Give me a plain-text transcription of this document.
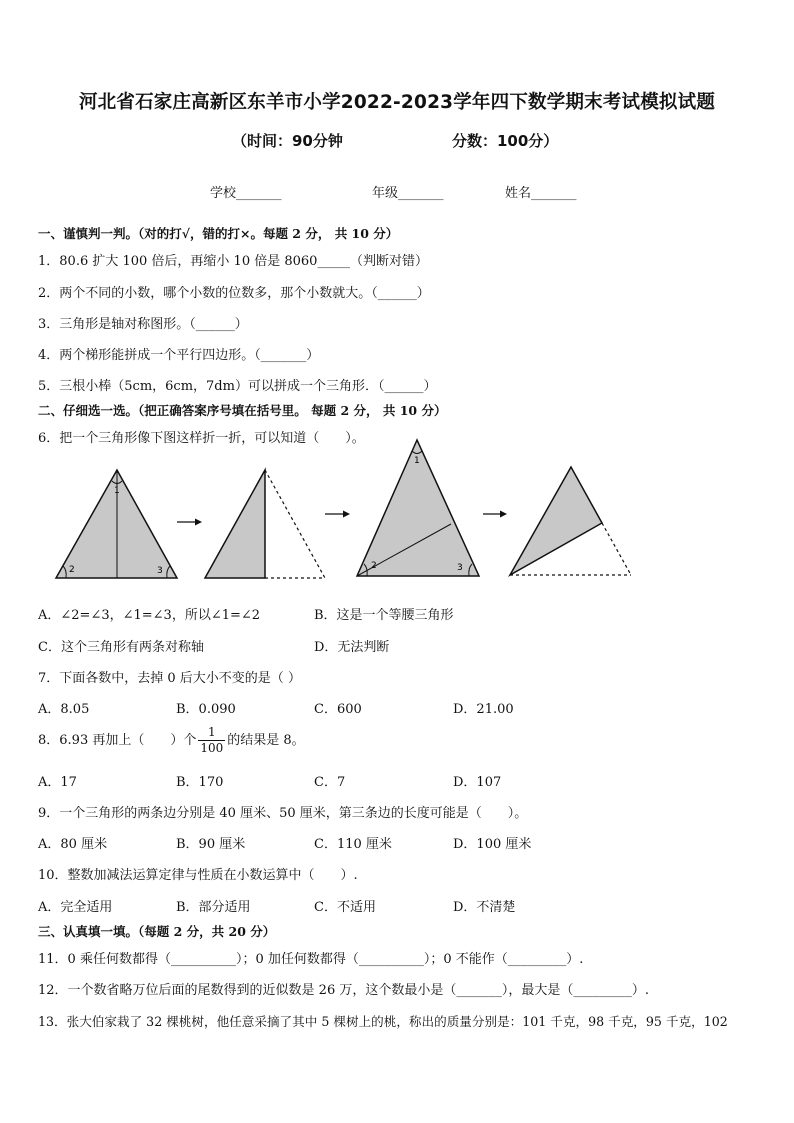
河北省石家庄高新区东羊市小学2022-2023学年四下数学期末考试模拟试题
（时间：90分钟	分数：100分）
学校_______	年级_______	姓名_______
一、谨慎判一判。（对的打√，错的打×。每题 2 分， 共 10 分）
1．80.6 扩大 100 倍后，再缩小 10 倍是 8060_____（判断对错）
2．两个不同的小数，哪个小数的位数多，那个小数就大。（______）
3．三角形是轴对称图形。（______）
4．两个梯形能拼成一个平行四边形。（_______）
5．三根小棒（5cm，6cm，7dm）可以拼成一个三角形．（______）
二、仔细选一选。（把正确答案序号填在括号里。 每题 2 分， 共 10 分）
6．把一个三角形像下图这样折一折，可以知道（　　）。
1
2	3
1
2	3
A．∠2=∠3，∠1=∠3，所以∠1=∠2	B．这是一个等腰三角形
C．这个三角形有两条对称轴	D．无法判断
7．下面各数中，去掉 0 后大小不变的是（ ）
A．8.05	B．0.090	C．600	D．21.00
8．6.93 再加上（　　）个 $\frac{1}{100}$ 的结果是 8。
A．17	B．170	C．7	D．107
9．一个三角形的两条边分别是 40 厘米、50 厘米，第三条边的长度可能是（　　）。
A．80 厘米	B．90 厘米	C．110 厘米	D．100 厘米
10．整数加减法运算定律与性质在小数运算中（　　）.
A．完全适用	B．部分适用	C．不适用	D．不清楚
三、认真填一填。（每题 2 分，共 20 分）
11．0 乘任何数都得（__________）；0 加任何数都得（__________）；0 不能作（_________）.
12．一个数省略万位后面的尾数得到的近似数是 26 万，这个数最小是（_______），最大是（_________）.
13．张大伯家栽了 32 棵桃树，他任意采摘了其中 5 棵树上的桃，称出的质量分别是：101 千克，98 千克，95 千克，102
